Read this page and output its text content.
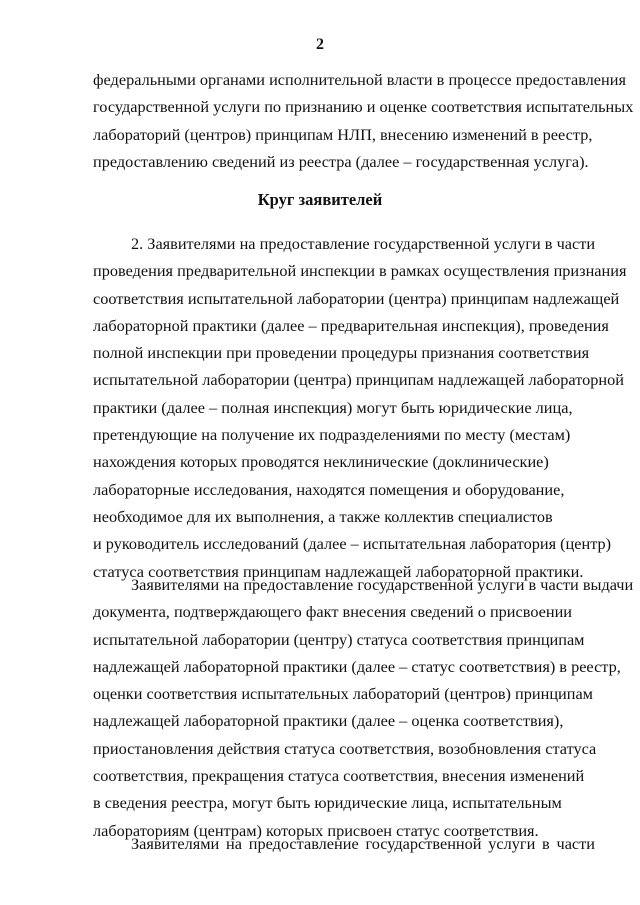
2
федеральными органами исполнительной власти в процессе предоставления
государственной услуги по признанию и оценке соответствия испытательных
лабораторий (центров) принципам НЛП, внесению изменений в реестр,
предоставлению сведений из реестра (далее – государственная услуга).
Круг заявителей
2. Заявителями на предоставление государственной услуги в части
проведения предварительной инспекции в рамках осуществления признания
соответствия испытательной лаборатории (центра) принципам надлежащей
лабораторной практики (далее – предварительная инспекция), проведения
полной инспекции при проведении процедуры признания соответствия
испытательной лаборатории (центра) принципам надлежащей лабораторной
практики (далее – полная инспекция) могут быть юридические лица,
претендующие на получение их подразделениями по месту (местам)
нахождения которых проводятся неклинические (доклинические)
лабораторные исследования, находятся помещения и оборудование,
необходимое для их выполнения, а также коллектив специалистов
и руководитель исследований (далее – испытательная лаборатория (центр)
статуса соответствия принципам надлежащей лабораторной практики.
Заявителями на предоставление государственной услуги в части выдачи
документа, подтверждающего факт внесения сведений о присвоении
испытательной лаборатории (центру) статуса соответствия принципам
надлежащей лабораторной практики (далее – статус соответствия) в реестр,
оценки соответствия испытательных лабораторий (центров) принципам
надлежащей лабораторной практики (далее – оценка соответствия),
приостановления действия статуса соответствия, возобновления статуса
соответствия, прекращения статуса соответствия, внесения изменений
в сведения реестра, могут быть юридические лица, испытательным
лабораториям (центрам) которых присвоен статус соответствия.
Заявителями на предоставление государственной услуги в части
